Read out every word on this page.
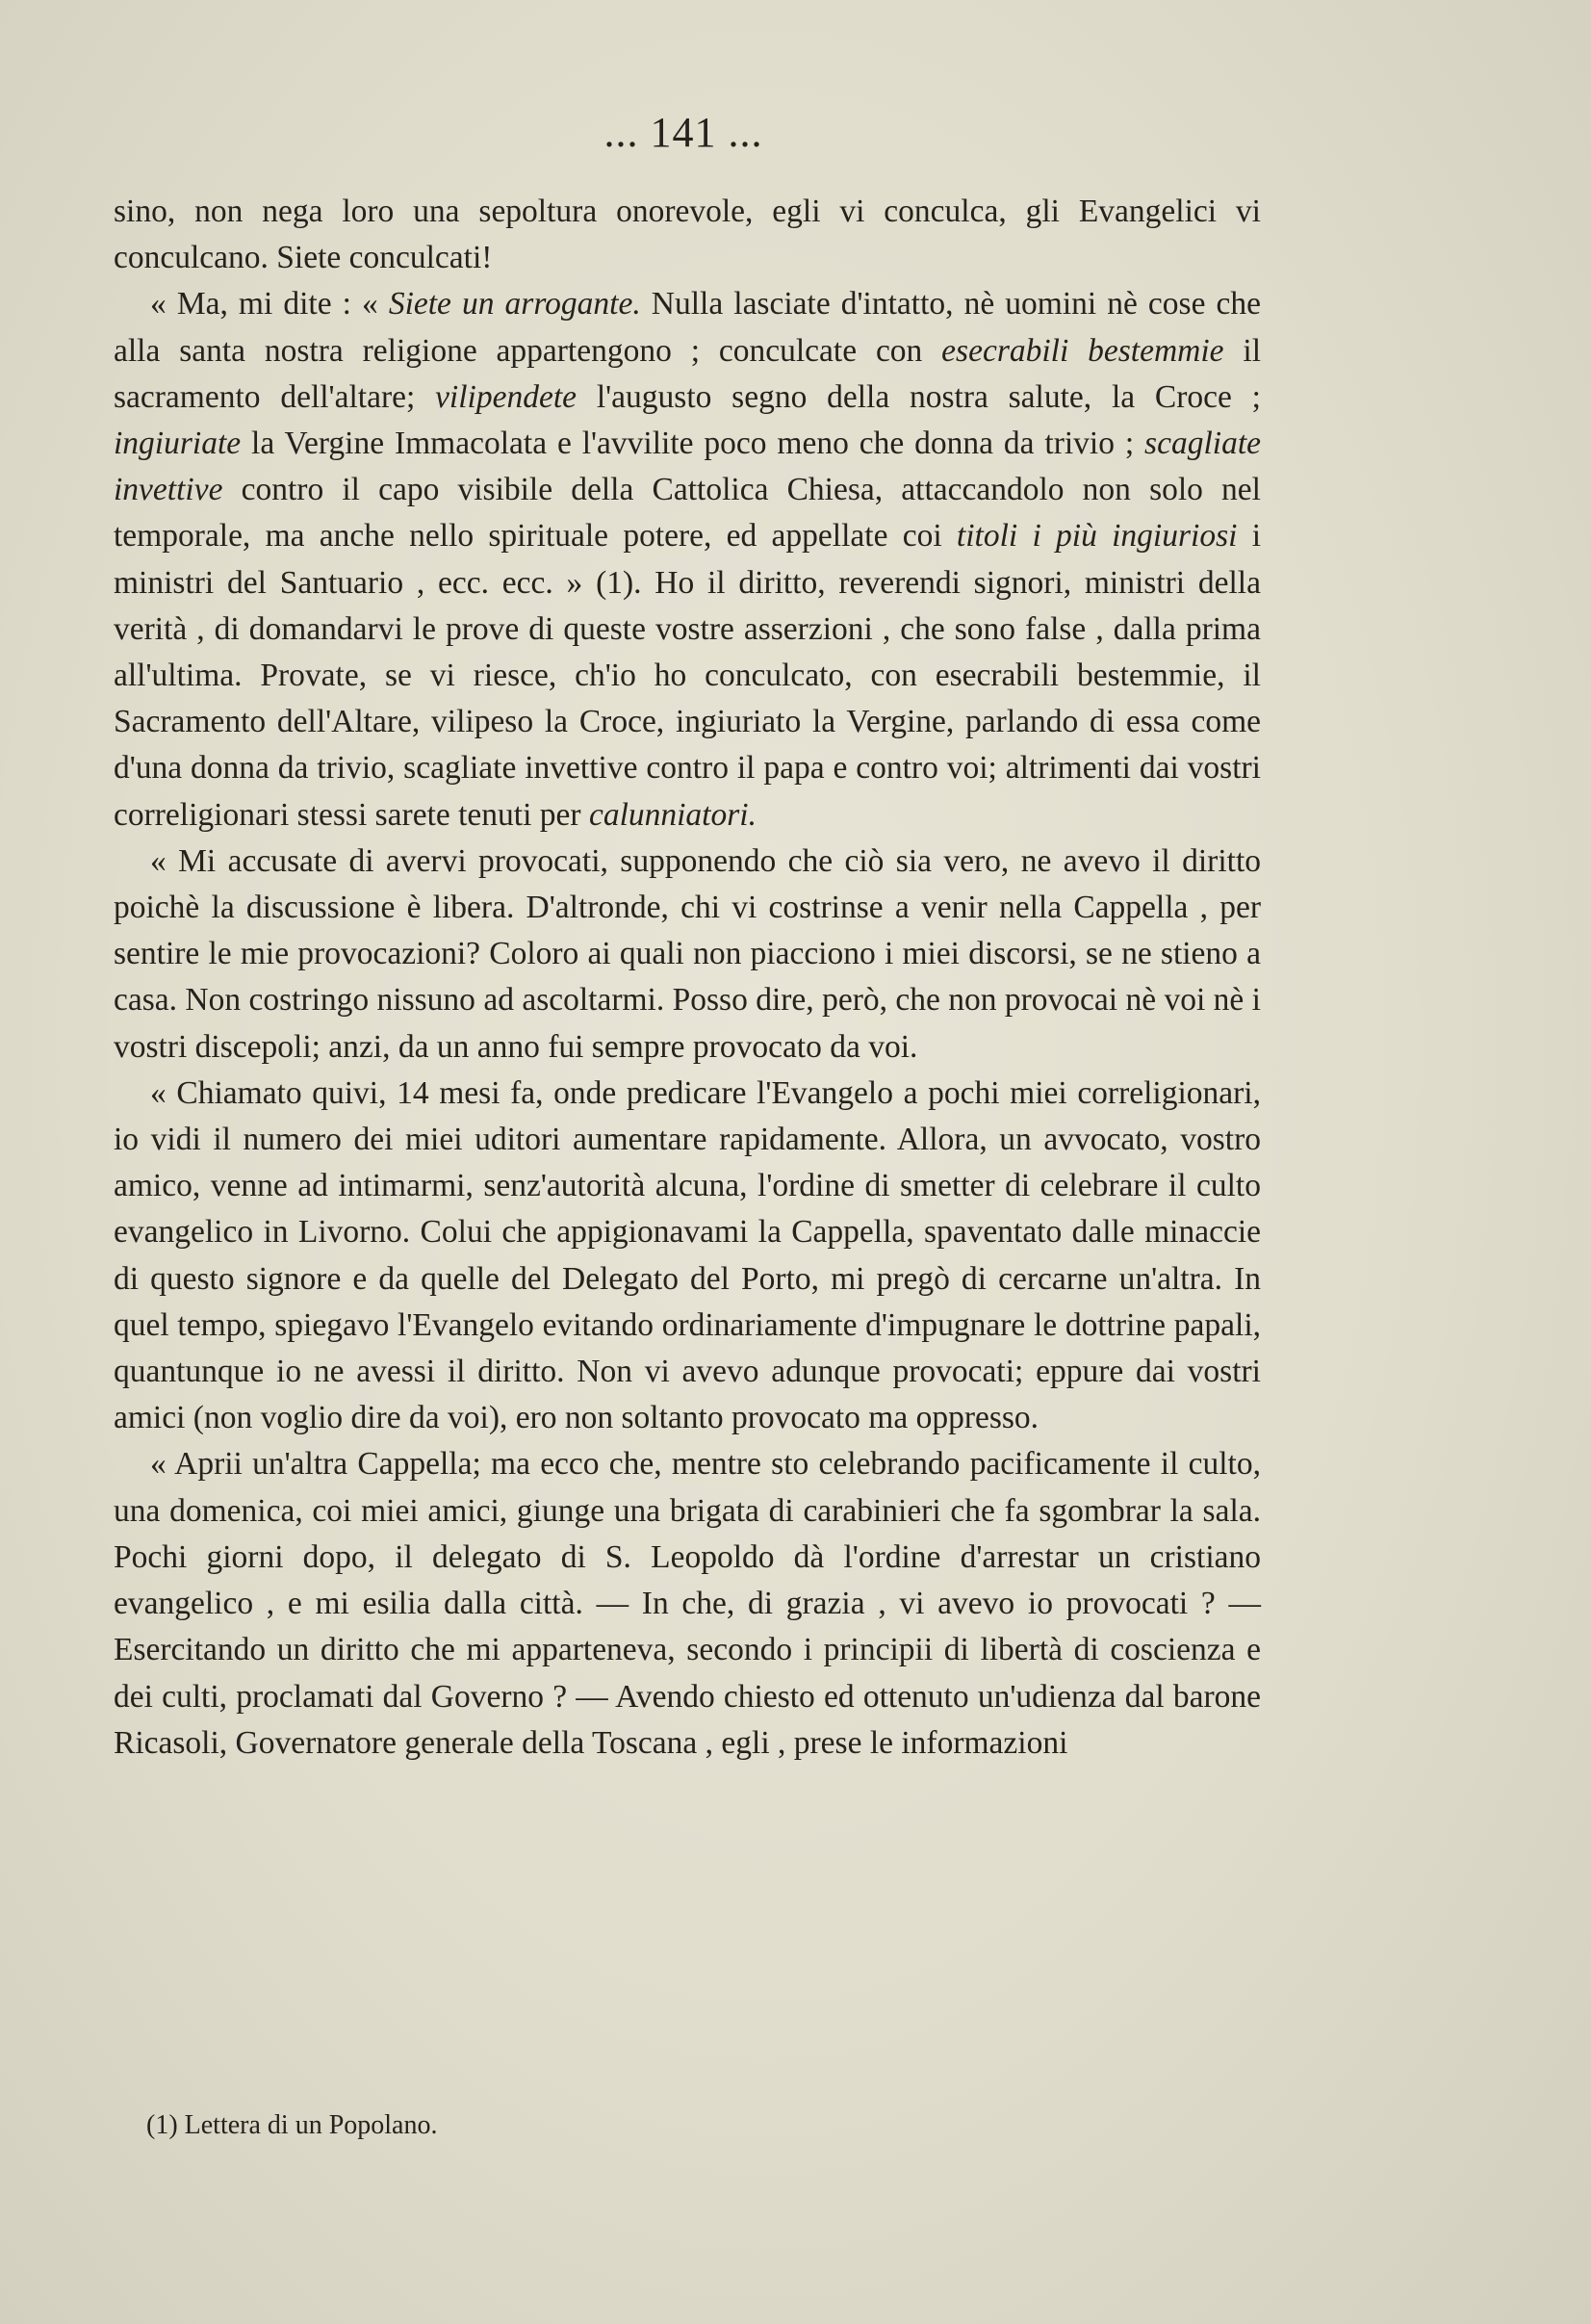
... 141 ...

sino, non nega loro una sepoltura onorevole, egli vi conculca, gli Evangelici vi conculcano. Siete conculcati!

« Ma, mi dite : « Siete un arrogante. Nulla lasciate d'intatto, nè uomini nè cose che alla santa nostra religione appartengono ; conculcate con esecrabili bestemmie il sacramento dell'altare; vilipendete l'augusto segno della nostra salute, la Croce ; ingiuriate la Vergine Immacolata e l'avvilite poco meno che donna da trivio ; scagliate invettive contro il capo visibile della Cattolica Chiesa, attaccandolo non solo nel temporale, ma anche nello spirituale potere, ed appellate coi titoli i più ingiuriosi i ministri del Santuario , ecc. ecc. » (1). Ho il diritto, reverendi signori, ministri della verità , di domandarvi le prove di queste vostre asserzioni , che sono false , dalla prima all'ultima. Provate, se vi riesce, ch'io ho conculcato, con esecrabili bestemmie, il Sacramento dell'Altare, vilipeso la Croce, ingiuriato la Vergine, parlando di essa come d'una donna da trivio, scagliate invettive contro il papa e contro voi; altrimenti dai vostri correligionari stessi sarete tenuti per calunniatori.

« Mi accusate di avervi provocati, supponendo che ciò sia vero, ne avevo il diritto poichè la discussione è libera. D'altronde, chi vi costrinse a venir nella Cappella , per sentire le mie provocazioni? Coloro ai quali non piacciono i miei discorsi, se ne stieno a casa. Non costringo nissuno ad ascoltarmi. Posso dire, però, che non provocai nè voi nè i vostri discepoli; anzi, da un anno fui sempre provocato da voi.

« Chiamato quivi, 14 mesi fa, onde predicare l'Evangelo a pochi miei correligionari, io vidi il numero dei miei uditori aumentare rapidamente. Allora, un avvocato, vostro amico, venne ad intimarmi, senz'autorità alcuna, l'ordine di smetter di celebrare il culto evangelico in Livorno. Colui che appigionavami la Cappella, spaventato dalle minaccie di questo signore e da quelle del Delegato del Porto, mi pregò di cercarne un'altra. In quel tempo, spiegavo l'Evangelo evitando ordinariamente d'impugnare le dottrine papali, quantunque io ne avessi il diritto. Non vi avevo adunque provocati; eppure dai vostri amici (non voglio dire da voi), ero non soltanto provocato ma oppresso.

« Aprii un'altra Cappella; ma ecco che, mentre sto celebrando pacificamente il culto, una domenica, coi miei amici, giunge una brigata di carabinieri che fa sgombrar la sala. Pochi giorni dopo, il delegato di S. Leopoldo dà l'ordine d'arrestar un cristiano evangelico , e mi esilia dalla città. — In che, di grazia , vi avevo io provocati ? — Esercitando un diritto che mi apparteneva, secondo i principii di libertà di coscienza e dei culti, proclamati dal Governo ? — Avendo chiesto ed ottenuto un'udienza dal barone Ricasoli, Governatore generale della Toscana , egli , prese le informazioni

(1) Lettera di un Popolano.
